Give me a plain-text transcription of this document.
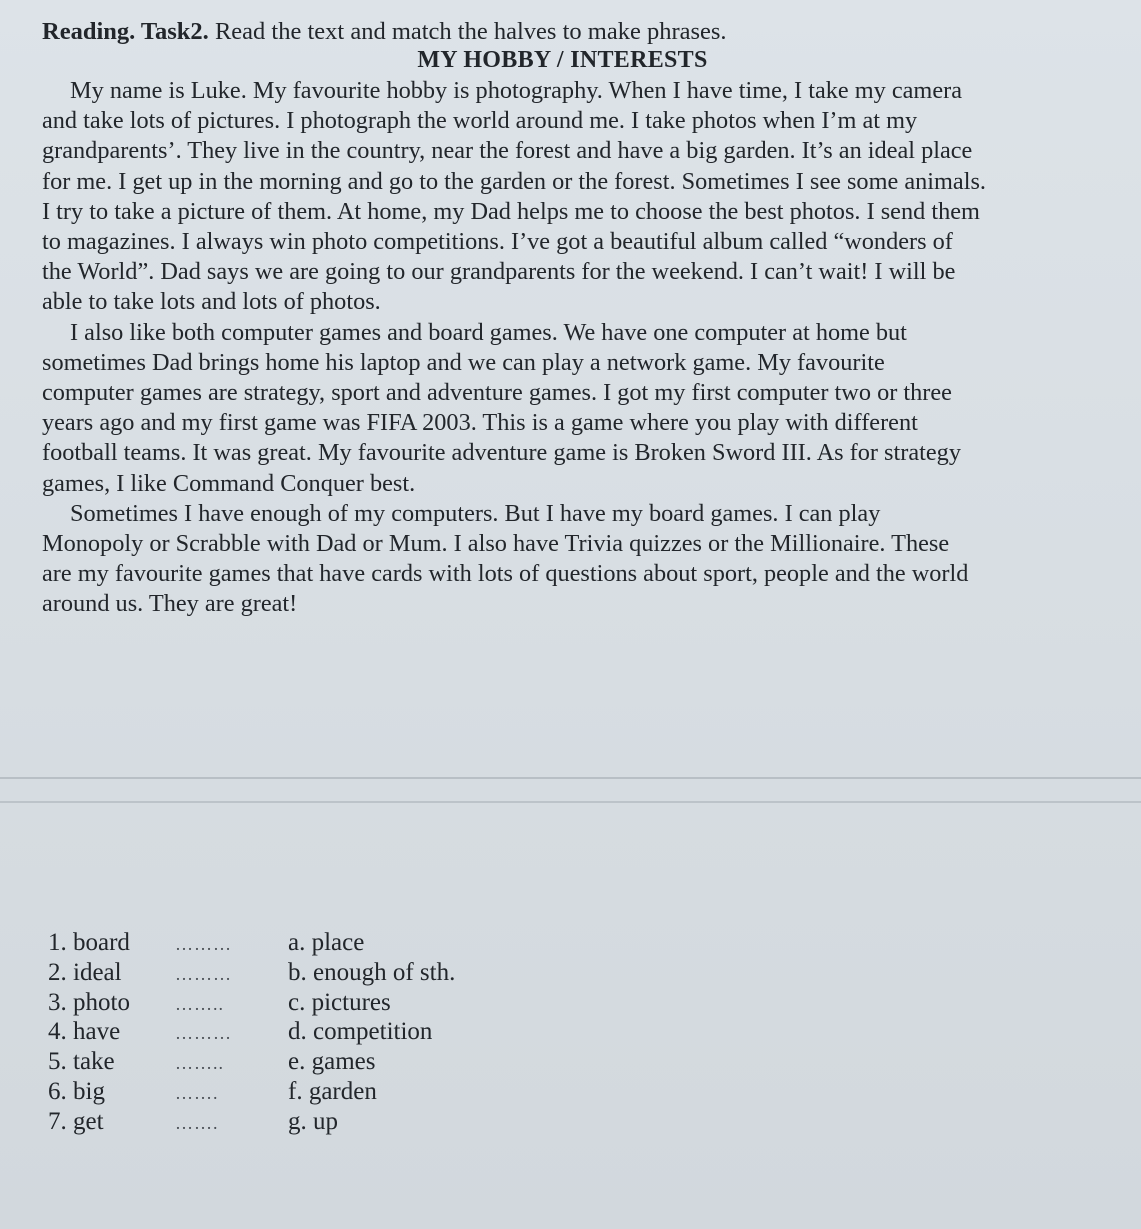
Reading. Task2. Read the text and match the halves to make phrases.
MY HOBBY / INTERESTS
My name is Luke. My favourite hobby is photography. When I have time, I take my camera
and take lots of pictures. I photograph the world around me. I take photos when I’m at my
grandparents’. They live in the country, near the forest and have a big garden. It’s an ideal place
for me. I get up in the morning and go to the garden or the forest. Sometimes I see some animals.
I try to take a picture of them. At home, my Dad helps me to choose the best photos. I send them
to magazines. I always win photo competitions. I’ve got a beautiful album called “wonders of
the World”. Dad says we are going to our grandparents for the weekend. I can’t wait! I will be
able to take lots and lots of photos.
I also like both computer games and board games. We have one computer at home but
sometimes Dad brings home his laptop and we can play a network game. My favourite
computer games are strategy, sport and adventure games. I got my first computer two or three
years ago and my first game was FIFA 2003. This is a game where you play with different
football teams. It was great. My favourite adventure game is Broken Sword III. As for strategy
games, I like Command Conquer best.
Sometimes I have enough of my computers. But I have my board games. I can play
Monopoly or Scrabble with Dad or Mum. I also have Trivia quizzes or the Millionaire. These
are my favourite games that have cards with lots of questions about sport, people and the world
around us. They are great!
1. board	………	a. place
2. ideal	………	b. enough of sth.
3. photo	……..	c. pictures
4. have	………	d. competition
5. take	……..	e. games
6. big	…….	f. garden
7. get	…….	g. up
